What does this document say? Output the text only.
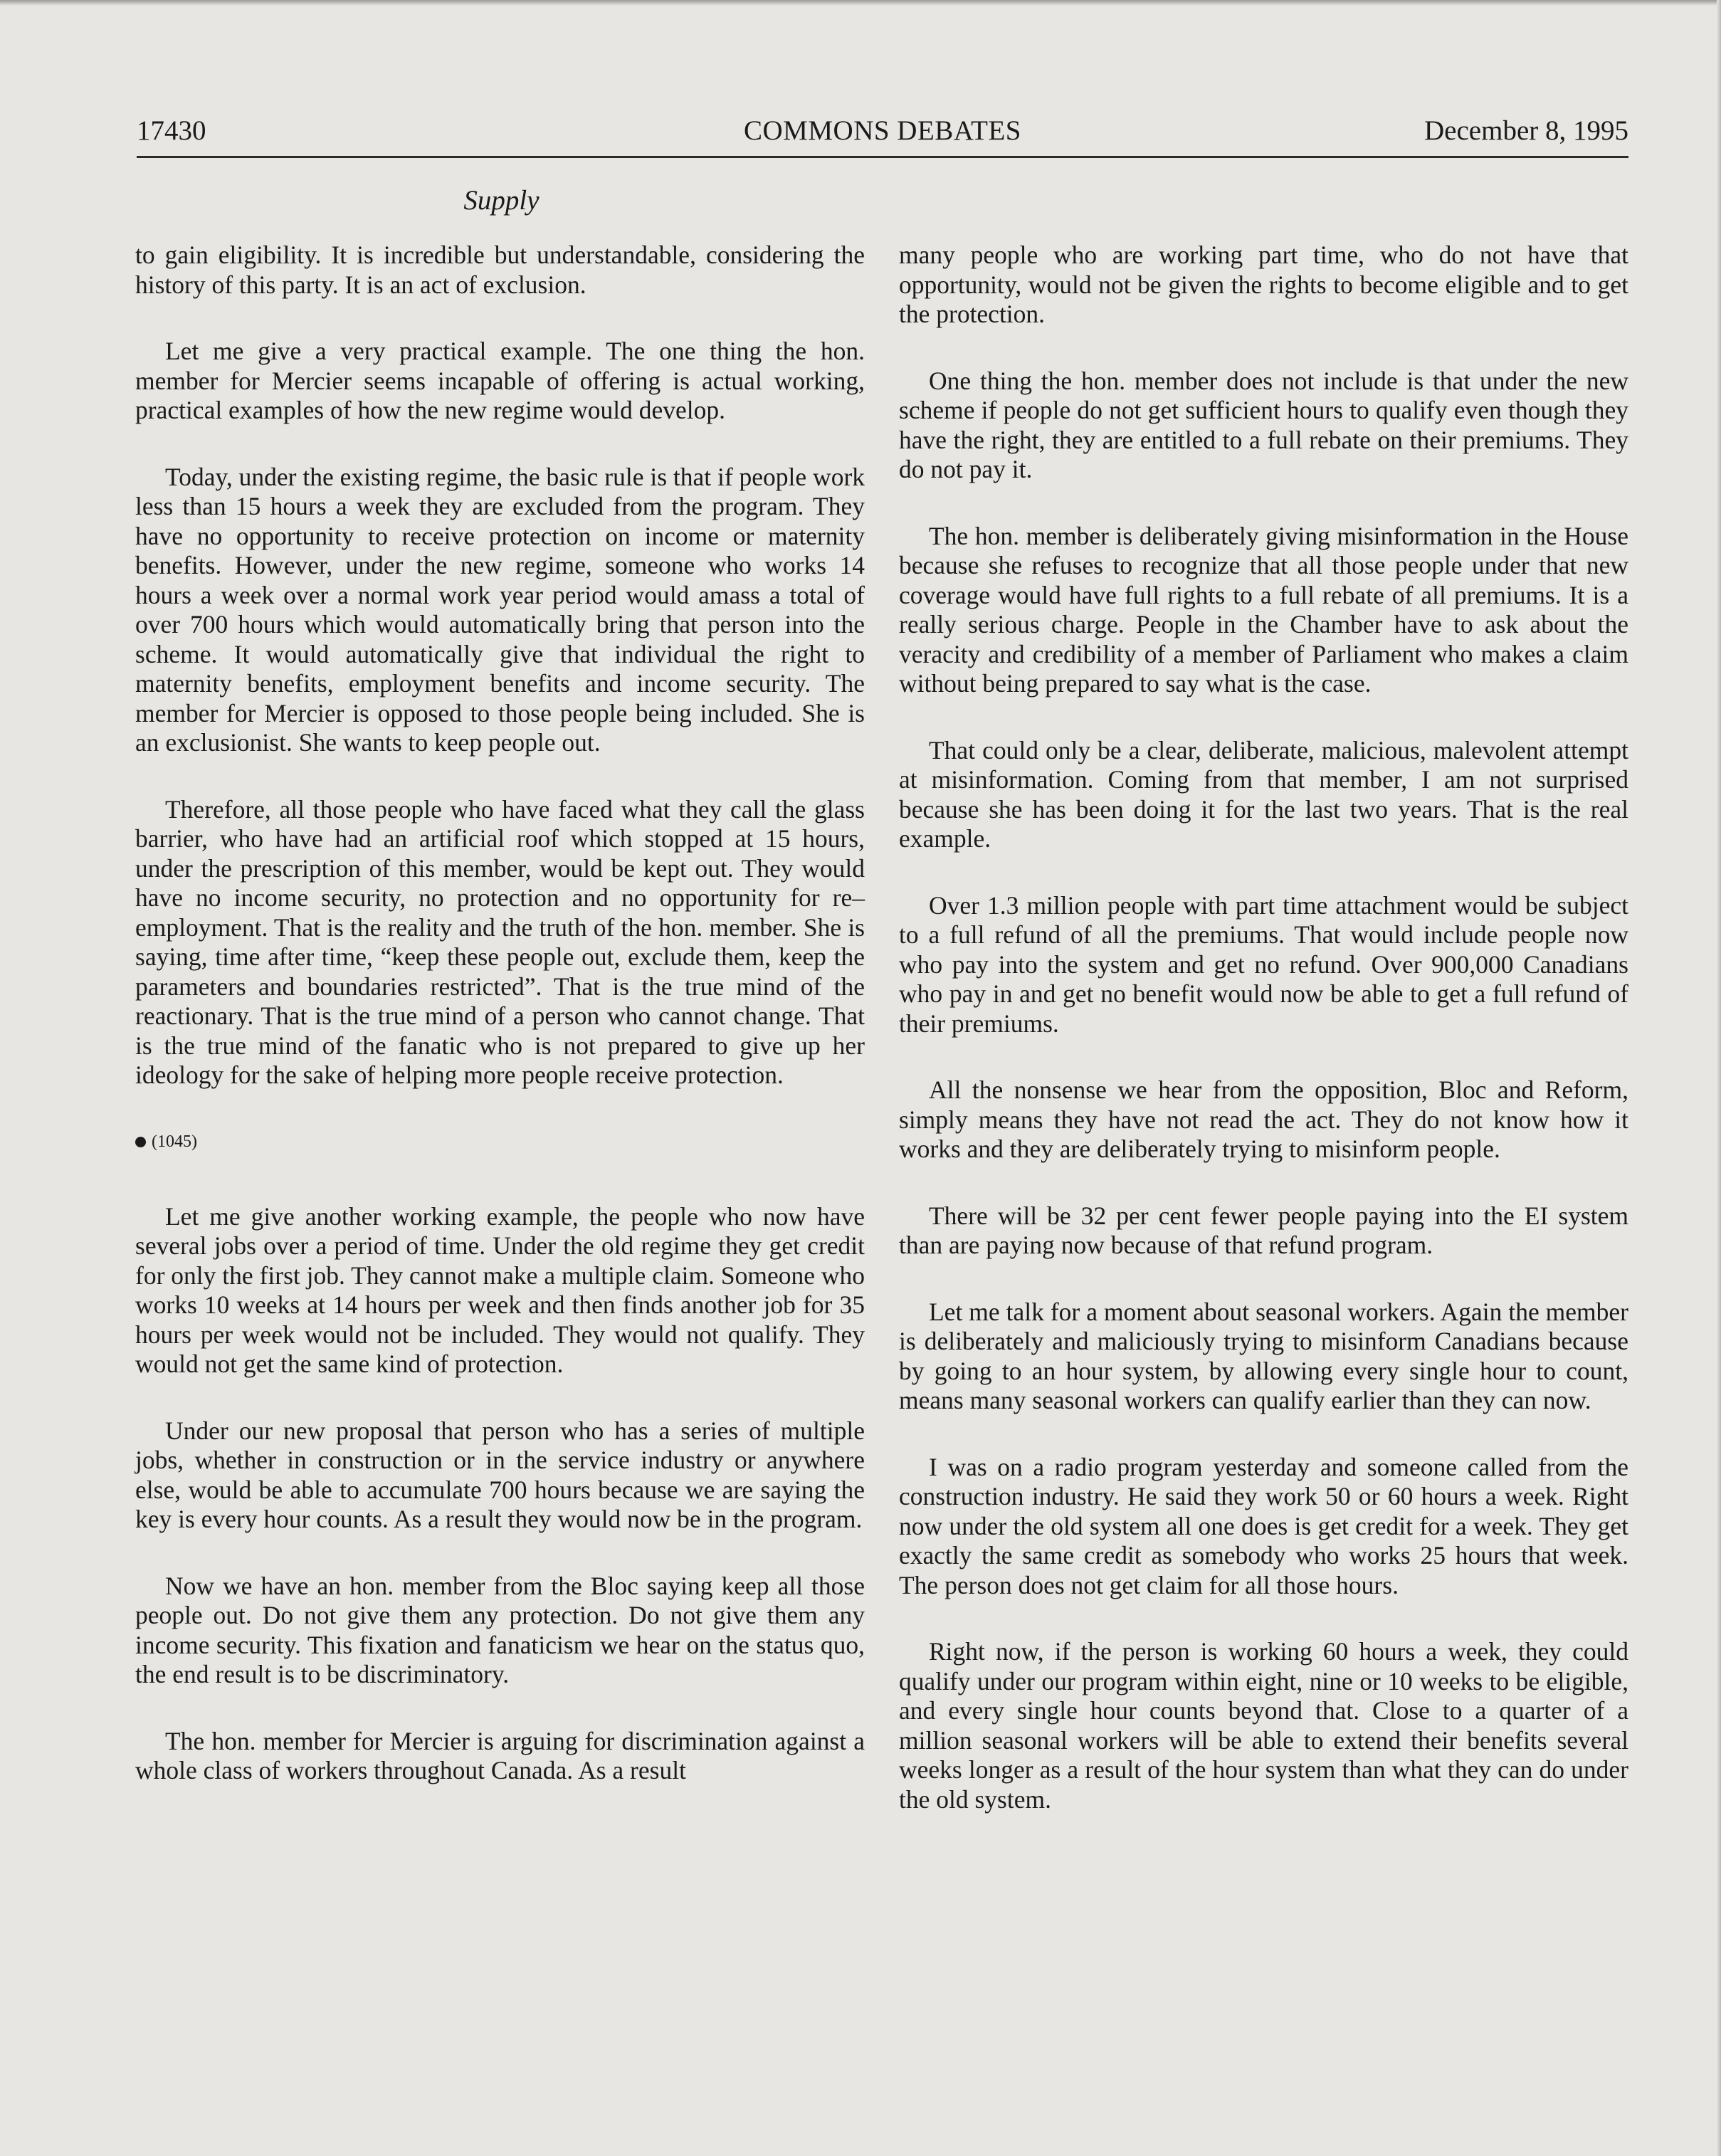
17430	COMMONS DEBATES	December 8, 1995
Supply

to gain eligibility. It is incredible but understandable, considering the history of this party. It is an act of exclusion.

Let me give a very practical example. The one thing the hon. member for Mercier seems incapable of offering is actual working, practical examples of how the new regime would develop.

Today, under the existing regime, the basic rule is that if people work less than 15 hours a week they are excluded from the program. They have no opportunity to receive protection on income or maternity benefits. However, under the new regime, someone who works 14 hours a week over a normal work year period would amass a total of over 700 hours which would automatically bring that person into the scheme. It would automatically give that individual the right to maternity benefits, employment benefits and income security. The member for Mercier is opposed to those people being included. She is an exclusionist. She wants to keep people out.

Therefore, all those people who have faced what they call the glass barrier, who have had an artificial roof which stopped at 15 hours, under the prescription of this member, would be kept out. They would have no income security, no protection and no opportunity for re–employment. That is the reality and the truth of the hon. member. She is saying, time after time, “keep these people out, exclude them, keep the parameters and boundaries restricted”. That is the true mind of the reactionary. That is the true mind of a person who cannot change. That is the true mind of the fanatic who is not prepared to give up her ideology for the sake of helping more people receive protection.

(1045)

Let me give another working example, the people who now have several jobs over a period of time. Under the old regime they get credit for only the first job. They cannot make a multiple claim. Someone who works 10 weeks at 14 hours per week and then finds another job for 35 hours per week would not be included. They would not qualify. They would not get the same kind of protection.

Under our new proposal that person who has a series of multiple jobs, whether in construction or in the service industry or anywhere else, would be able to accumulate 700 hours because we are saying the key is every hour counts. As a result they would now be in the program.

Now we have an hon. member from the Bloc saying keep all those people out. Do not give them any protection. Do not give them any income security. This fixation and fanaticism we hear on the status quo, the end result is to be discriminatory.

The hon. member for Mercier is arguing for discrimination against a whole class of workers throughout Canada. As a result

many people who are working part time, who do not have that opportunity, would not be given the rights to become eligible and to get the protection.

One thing the hon. member does not include is that under the new scheme if people do not get sufficient hours to qualify even though they have the right, they are entitled to a full rebate on their premiums. They do not pay it.

The hon. member is deliberately giving misinformation in the House because she refuses to recognize that all those people under that new coverage would have full rights to a full rebate of all premiums. It is a really serious charge. People in the Chamber have to ask about the veracity and credibility of a member of Parliament who makes a claim without being prepared to say what is the case.

That could only be a clear, deliberate, malicious, malevolent attempt at misinformation. Coming from that member, I am not surprised because she has been doing it for the last two years. That is the real example.

Over 1.3 million people with part time attachment would be subject to a full refund of all the premiums. That would include people now who pay into the system and get no refund. Over 900,000 Canadians who pay in and get no benefit would now be able to get a full refund of their premiums.

All the nonsense we hear from the opposition, Bloc and Reform, simply means they have not read the act. They do not know how it works and they are deliberately trying to misinform people.

There will be 32 per cent fewer people paying into the EI system than are paying now because of that refund program.

Let me talk for a moment about seasonal workers. Again the member is deliberately and maliciously trying to misinform Canadians because by going to an hour system, by allowing every single hour to count, means many seasonal workers can qualify earlier than they can now.

I was on a radio program yesterday and someone called from the construction industry. He said they work 50 or 60 hours a week. Right now under the old system all one does is get credit for a week. They get exactly the same credit as somebody who works 25 hours that week. The person does not get claim for all those hours.

Right now, if the person is working 60 hours a week, they could qualify under our program within eight, nine or 10 weeks to be eligible, and every single hour counts beyond that. Close to a quarter of a million seasonal workers will be able to extend their benefits several weeks longer as a result of the hour system than what they can do under the old system.
